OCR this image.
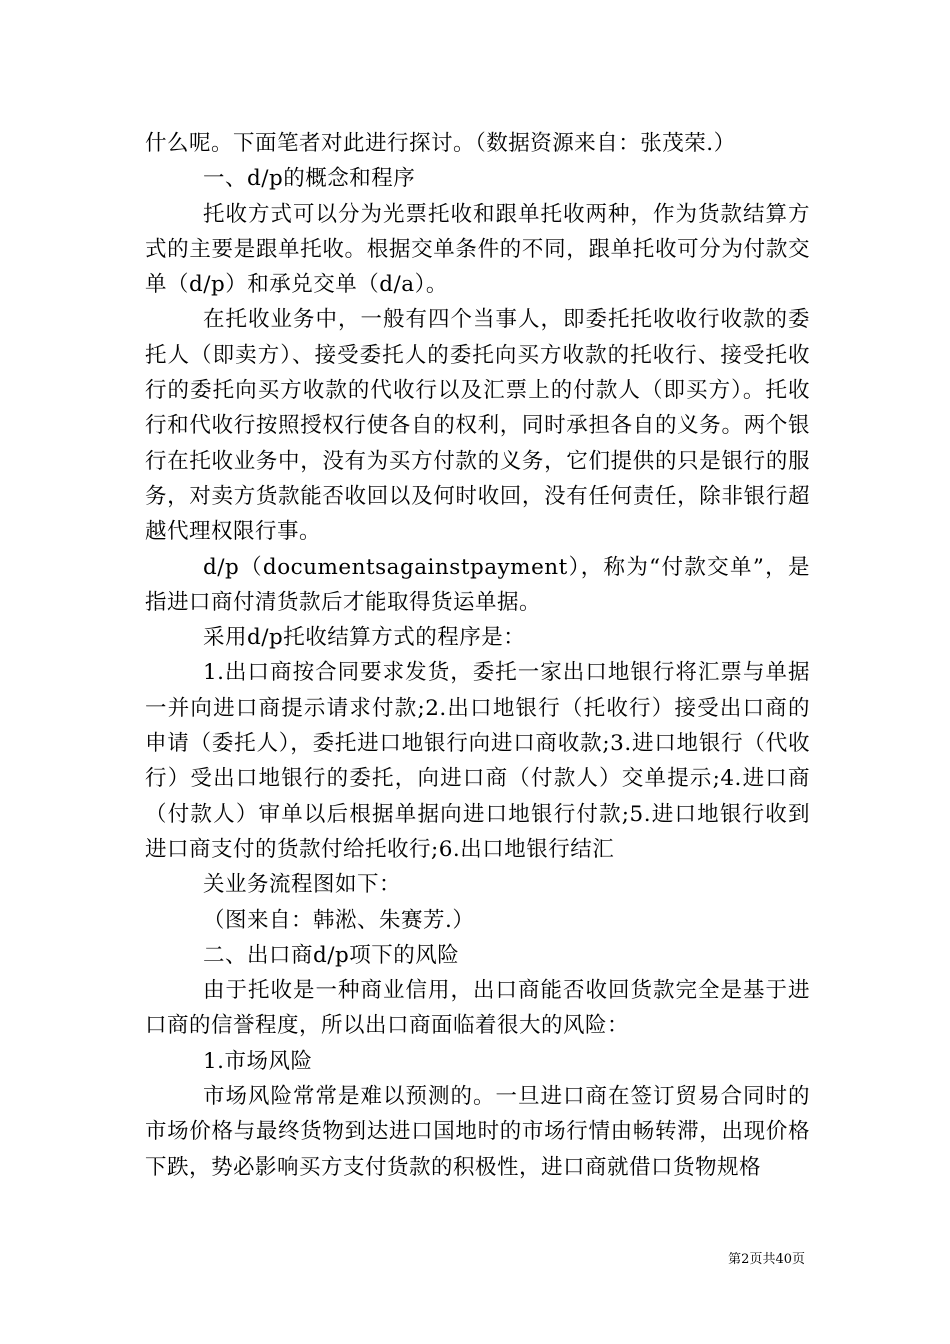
什么呢。下面笔者对此进行探讨。（数据资源来自：张茂荣.）

一、d/p的概念和程序

托收方式可以分为光票托收和跟单托收两种，作为货款结算方式的主要是跟单托收。根据交单条件的不同，跟单托收可分为付款交单（d/p）和承兑交单（d/a）。

在托收业务中，一般有四个当事人，即委托托收收行收款的委托人（即卖方）、接受委托人的委托向买方收款的托收行、接受托收行的委托向买方收款的代收行以及汇票上的付款人（即买方）。托收行和代收行按照授权行使各自的权利，同时承担各自的义务。两个银行在托收业务中，没有为买方付款的义务，它们提供的只是银行的服务，对卖方货款能否收回以及何时收回，没有任何责任，除非银行超越代理权限行事。

d/p（documentsagainstpayment），称为“付款交单”，是指进口商付清货款后才能取得货运单据。

采用d/p托收结算方式的程序是：

1.出口商按合同要求发货，委托一家出口地银行将汇票与单据一并向进口商提示请求付款;2.出口地银行（托收行）接受出口商的申请（委托人），委托进口地银行向进口商收款;3.进口地银行（代收行）受出口地银行的委托，向进口商（付款人）交单提示;4.进口商（付款人）审单以后根据单据向进口地银行付款;5.进口地银行收到进口商支付的货款付给托收行;6.出口地银行结汇

关业务流程图如下：

（图来自：韩淞、朱赛芳.）

二、出口商d/p项下的风险

由于托收是一种商业信用，出口商能否收回货款完全是基于进口商的信誉程度，所以出口商面临着很大的风险：

1.市场风险

市场风险常常是难以预测的。一旦进口商在签订贸易合同时的市场价格与最终货物到达进口国地时的市场行情由畅转滞，出现价格下跌，势必影响买方支付货款的积极性，进口商就借口货物规格

第2页共40页
